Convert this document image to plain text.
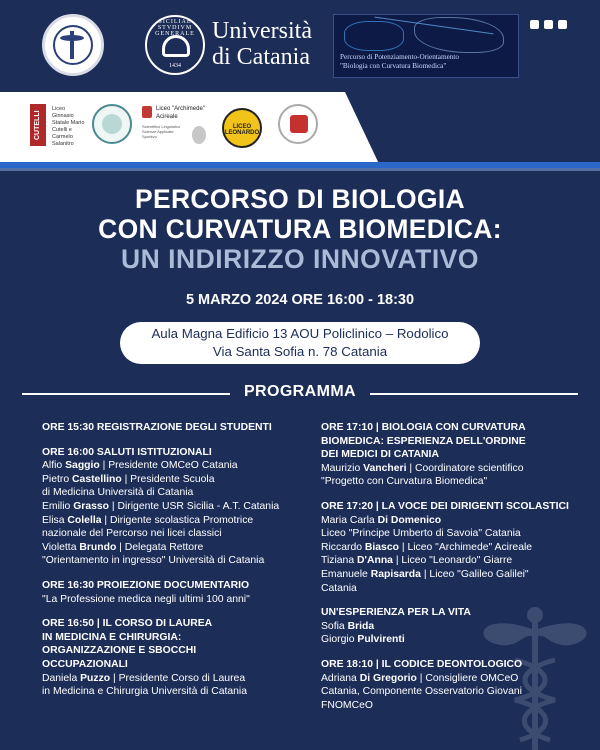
SICILIAE STVDIVM GENERALE
1434
Università
di Catania	Percorso di Potenziamento-Orientamento
"Biologia con Curvatura Biomedica"
CUTELLI
Liceo Ginnasio Statale Mario Cutelli e Carmelo Salanitro
Liceo "Archimede" Acireale
Scientifico Linguistico Scienze Applicate Sportivo
LICEO LEONARDO
PERCORSO DI BIOLOGIA
CON CURVATURA BIOMEDICA:
UN INDIRIZZO INNOVATIVO
5 MARZO 2024 ORE 16:00 - 18:30
Aula Magna Edificio 13 AOU Policlinico – Rodolico
Via Santa Sofia n. 78 Catania
PROGRAMMA
ORE 15:30 REGISTRAZIONE DEGLI STUDENTI
ORE 16:00 SALUTI ISTITUZIONALI
Alfio Saggio | Presidente OMCeO Catania
Pietro Castellino | Presidente Scuola
di Medicina Università di Catania
Emilio Grasso | Dirigente USR Sicilia - A.T. Catania
Elisa Colella | Dirigente scolastica Promotrice
nazionale del Percorso nei licei classici
Violetta Brundo | Delegata Rettore
"Orientamento in ingresso" Università di Catania
ORE 16:30 PROIEZIONE DOCUMENTARIO
"La Professione medica negli ultimi 100 anni"
ORE 16:50 | IL CORSO DI LAUREA
IN MEDICINA E CHIRURGIA:
ORGANIZZAZIONE E SBOCCHI
OCCUPAZIONALI
Daniela Puzzo | Presidente Corso di Laurea
in Medicina e Chirurgia Università di Catania
ORE 17:10 | BIOLOGIA CON CURVATURA
BIOMEDICA: ESPERIENZA DELL'ORDINE
DEI MEDICI DI CATANIA
Maurizio Vancheri | Coordinatore scientifico
"Progetto con Curvatura Biomedica"
ORE 17:20 | LA VOCE DEI DIRIGENTI SCOLASTICI
Maria Carla Di Domenico
Liceo "Principe Umberto di Savoia" Catania
Riccardo Biasco | Liceo "Archimede" Acireale
Tiziana D'Anna | Liceo "Leonardo" Giarre
Emanuele Rapisarda | Liceo "Galileo Galilei"
Catania
UN'ESPERIENZA PER LA VITA
Sofia Brida
Giorgio Pulvirenti
ORE 18:10 | IL CODICE DEONTOLOGICO
Adriana Di Gregorio | Consigliere OMCeO
Catania, Componente Osservatorio Giovani
FNOMCeO
